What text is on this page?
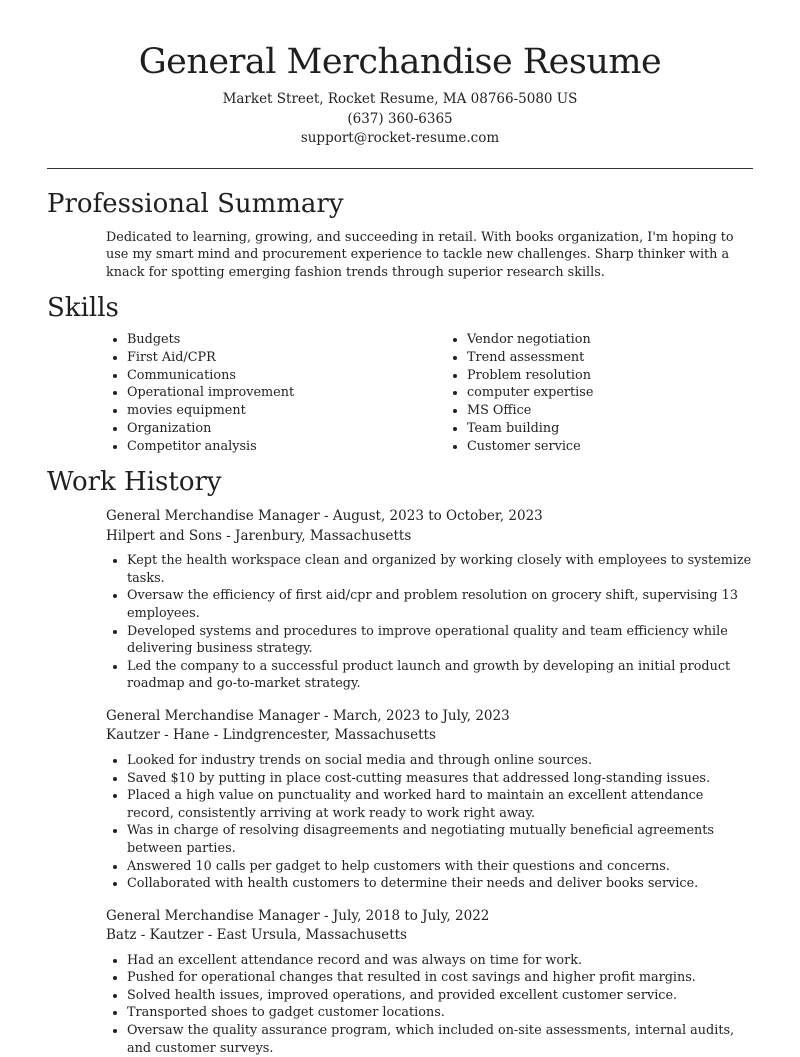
General Merchandise Resume
Market Street, Rocket Resume, MA 08766-5080 US
(637) 360-6365
support@rocket-resume.com
Professional Summary

Dedicated to learning, growing, and succeeding in retail. With books organization, I'm hoping to use my smart mind and procurement experience to tackle new challenges. Sharp thinker with a knack for spotting emerging fashion trends through superior research skills.

Skills
• Budgets
• First Aid/CPR
• Communications
• Operational improvement
• movies equipment
• Organization
• Competitor analysis
• Vendor negotiation
• Trend assessment
• Problem resolution
• computer expertise
• MS Office
• Team building
• Customer service
Work History
General Merchandise Manager - August, 2023 to October, 2023
Hilpert and Sons - Jarenbury, Massachusetts
• Kept the health workspace clean and organized by working closely with employees to systemize tasks.
• Oversaw the efficiency of first aid/cpr and problem resolution on grocery shift, supervising 13 employees.
• Developed systems and procedures to improve operational quality and team efficiency while delivering business strategy.
• Led the company to a successful product launch and growth by developing an initial product roadmap and go-to-market strategy.
General Merchandise Manager - March, 2023 to July, 2023
Kautzer - Hane - Lindgrencester, Massachusetts
• Looked for industry trends on social media and through online sources.
• Saved $10 by putting in place cost-cutting measures that addressed long-standing issues.
• Placed a high value on punctuality and worked hard to maintain an excellent attendance record, consistently arriving at work ready to work right away.
• Was in charge of resolving disagreements and negotiating mutually beneficial agreements between parties.
• Answered 10 calls per gadget to help customers with their questions and concerns.
• Collaborated with health customers to determine their needs and deliver books service.
General Merchandise Manager - July, 2018 to July, 2022
Batz - Kautzer - East Ursula, Massachusetts
• Had an excellent attendance record and was always on time for work.
• Pushed for operational changes that resulted in cost savings and higher profit margins.
• Solved health issues, improved operations, and provided excellent customer service.
• Transported shoes to gadget customer locations.
• Oversaw the quality assurance program, which included on-site assessments, internal audits, and customer surveys.
